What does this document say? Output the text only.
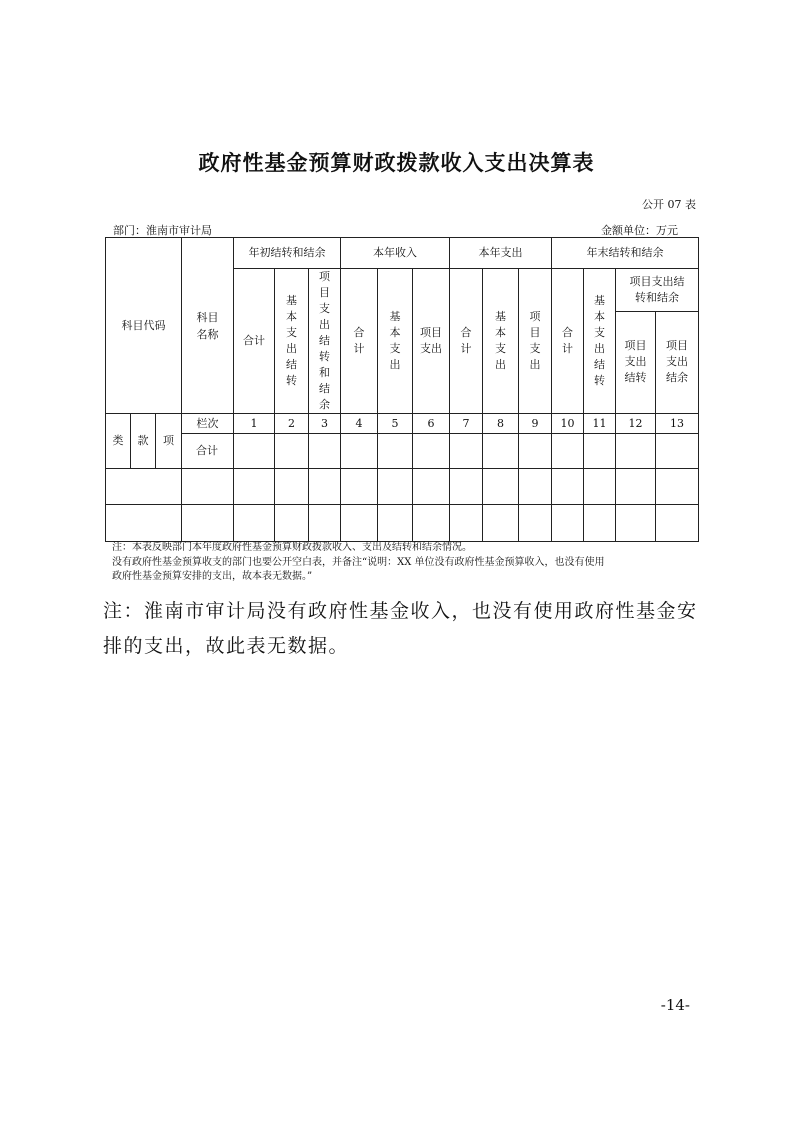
政府性基金预算财政拨款收入支出决算表
公开 07 表
部门：淮南市审计局	金额单位：万元
科目代码			科目名称	年初结转和结余			本年收入			本年支出			年末结转和结余			
				合计	基本支出结转	项目支出结转和结余	合计	基本支出	项目支出	合计	基本支出	项目支出	合计	基本支出结转	项目支出结转和结余	

															项目支出结转	项目支出结余

类	款	项	栏次	1	2	3	4	5	6	7	8	9	10	11	12	13
			合计													

注：本表反映部门本年度政府性基金预算财政拨款收入、支出及结转和结余情况。
没有政府性基金预算收支的部门也要公开空白表，并备注“说明：XX 单位没有政府性基金预算收入，也没有使用
政府性基金预算安排的支出，故本表无数据。”
注：淮南市审计局没有政府性基金收入，也没有使用政府性基金安排的支出，故此表无数据。
-14-
